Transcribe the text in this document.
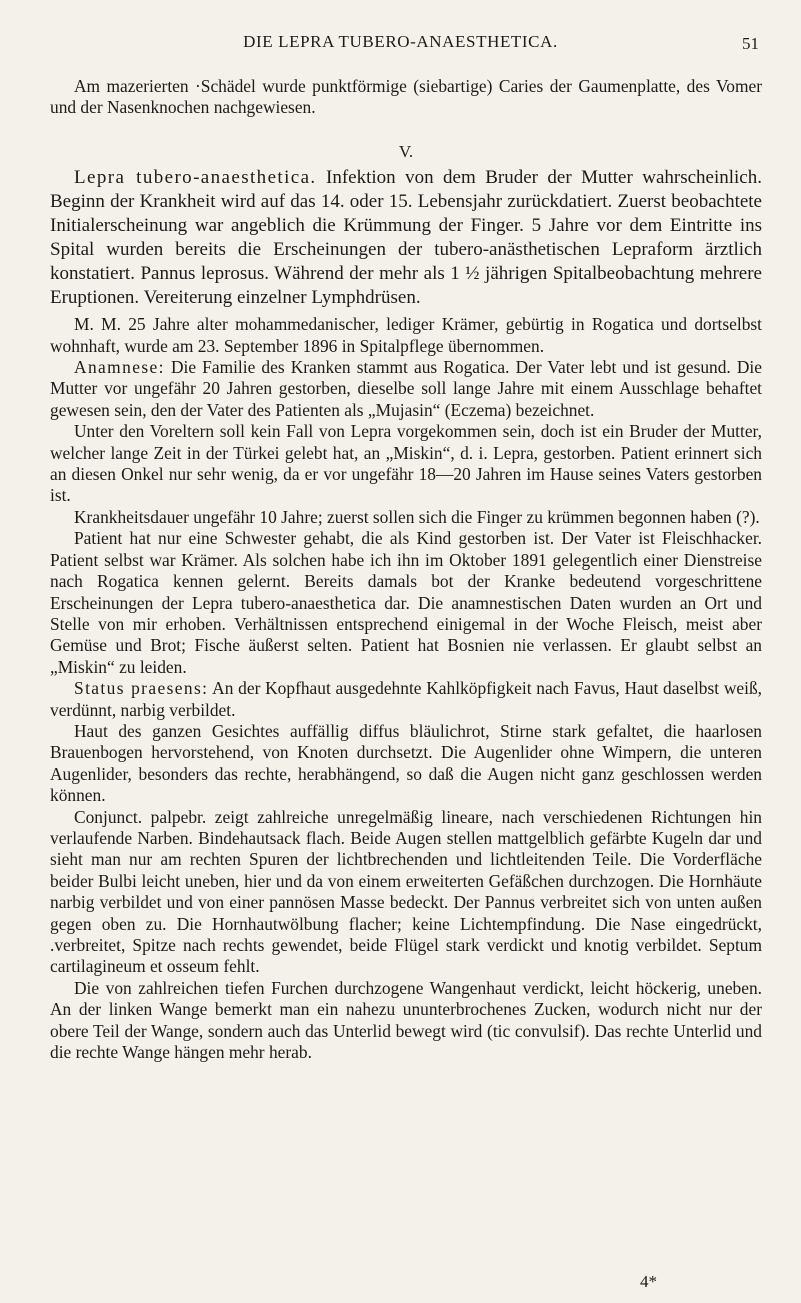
DIE LEPRA TUBERO-ANAESTHETICA.	51

Am mazerierten ·Schädel wurde punktförmige (siebartige) Caries der Gaumenplatte, des Vomer und der Nasenknochen nachgewiesen.

V.

Lepra tubero-anaesthetica. Infektion von dem Bruder der Mutter wahrscheinlich. Beginn der Krankheit wird auf das 14. oder 15. Lebensjahr zurückdatiert. Zuerst beobachtete Initialerscheinung war angeblich die Krümmung der Finger. 5 Jahre vor dem Eintritte ins Spital wurden bereits die Erscheinungen der tubero-anästhetischen Lepraform ärztlich konstatiert. Pannus leprosus. Während der mehr als 1 ½ jährigen Spitalbeobachtung mehrere Eruptionen. Vereiterung einzelner Lymphdrüsen.

M. M. 25 Jahre alter mohammedanischer, lediger Krämer, gebürtig in Rogatica und dortselbst wohnhaft, wurde am 23. September 1896 in Spitalpflege übernommen.

Anamnese: Die Familie des Kranken stammt aus Rogatica. Der Vater lebt und ist gesund. Die Mutter vor ungefähr 20 Jahren gestorben, dieselbe soll lange Jahre mit einem Ausschlage behaftet gewesen sein, den der Vater des Patienten als „Mujasin“ (Eczema) bezeichnet.

Unter den Voreltern soll kein Fall von Lepra vorgekommen sein, doch ist ein Bruder der Mutter, welcher lange Zeit in der Türkei gelebt hat, an „Miskin“, d. i. Lepra, gestorben. Patient erinnert sich an diesen Onkel nur sehr wenig, da er vor ungefähr 18—20 Jahren im Hause seines Vaters gestorben ist.

Krankheitsdauer ungefähr 10 Jahre; zuerst sollen sich die Finger zu krümmen begonnen haben (?).

Patient hat nur eine Schwester gehabt, die als Kind gestorben ist. Der Vater ist Fleischhacker. Patient selbst war Krämer. Als solchen habe ich ihn im Oktober 1891 gelegentlich einer Dienstreise nach Rogatica kennen gelernt. Bereits damals bot der Kranke bedeutend vorgeschrittene Erscheinungen der Lepra tubero-anaesthetica dar. Die anamnestischen Daten wurden an Ort und Stelle von mir erhoben. Verhältnissen entsprechend einigemal in der Woche Fleisch, meist aber Gemüse und Brot; Fische äußerst selten. Patient hat Bosnien nie verlassen. Er glaubt selbst an „Miskin“ zu leiden.

Status praesens: An der Kopfhaut ausgedehnte Kahlköpfigkeit nach Favus, Haut daselbst weiß, verdünnt, narbig verbildet.

Haut des ganzen Gesichtes auffällig diffus bläulichrot, Stirne stark gefaltet, die haarlosen Brauenbogen hervorstehend, von Knoten durchsetzt. Die Augenlider ohne Wimpern, die unteren Augenlider, besonders das rechte, herabhängend, so daß die Augen nicht ganz geschlossen werden können.

Conjunct. palpebr. zeigt zahlreiche unregelmäßig lineare, nach verschiedenen Richtungen hin verlaufende Narben. Bindehautsack flach. Beide Augen stellen mattgelblich gefärbte Kugeln dar und sieht man nur am rechten Spuren der lichtbrechenden und lichtleitenden Teile. Die Vorderfläche beider Bulbi leicht uneben, hier und da von einem erweiterten Gefäßchen durchzogen. Die Hornhäute narbig verbildet und von einer pannösen Masse bedeckt. Der Pannus verbreitet sich von unten außen gegen oben zu. Die Hornhautwölbung flacher; keine Lichtempfindung. Die Nase eingedrückt, .verbreitet, Spitze nach rechts gewendet, beide Flügel stark verdickt und knotig verbildet. Septum cartilagineum et osseum fehlt.

Die von zahlreichen tiefen Furchen durchzogene Wangenhaut verdickt, leicht höckerig, uneben. An der linken Wange bemerkt man ein nahezu ununterbrochenes Zucken, wodurch nicht nur der obere Teil der Wange, sondern auch das Unterlid bewegt wird (tic convulsif). Das rechte Unterlid und die rechte Wange hängen mehr herab.

4*
